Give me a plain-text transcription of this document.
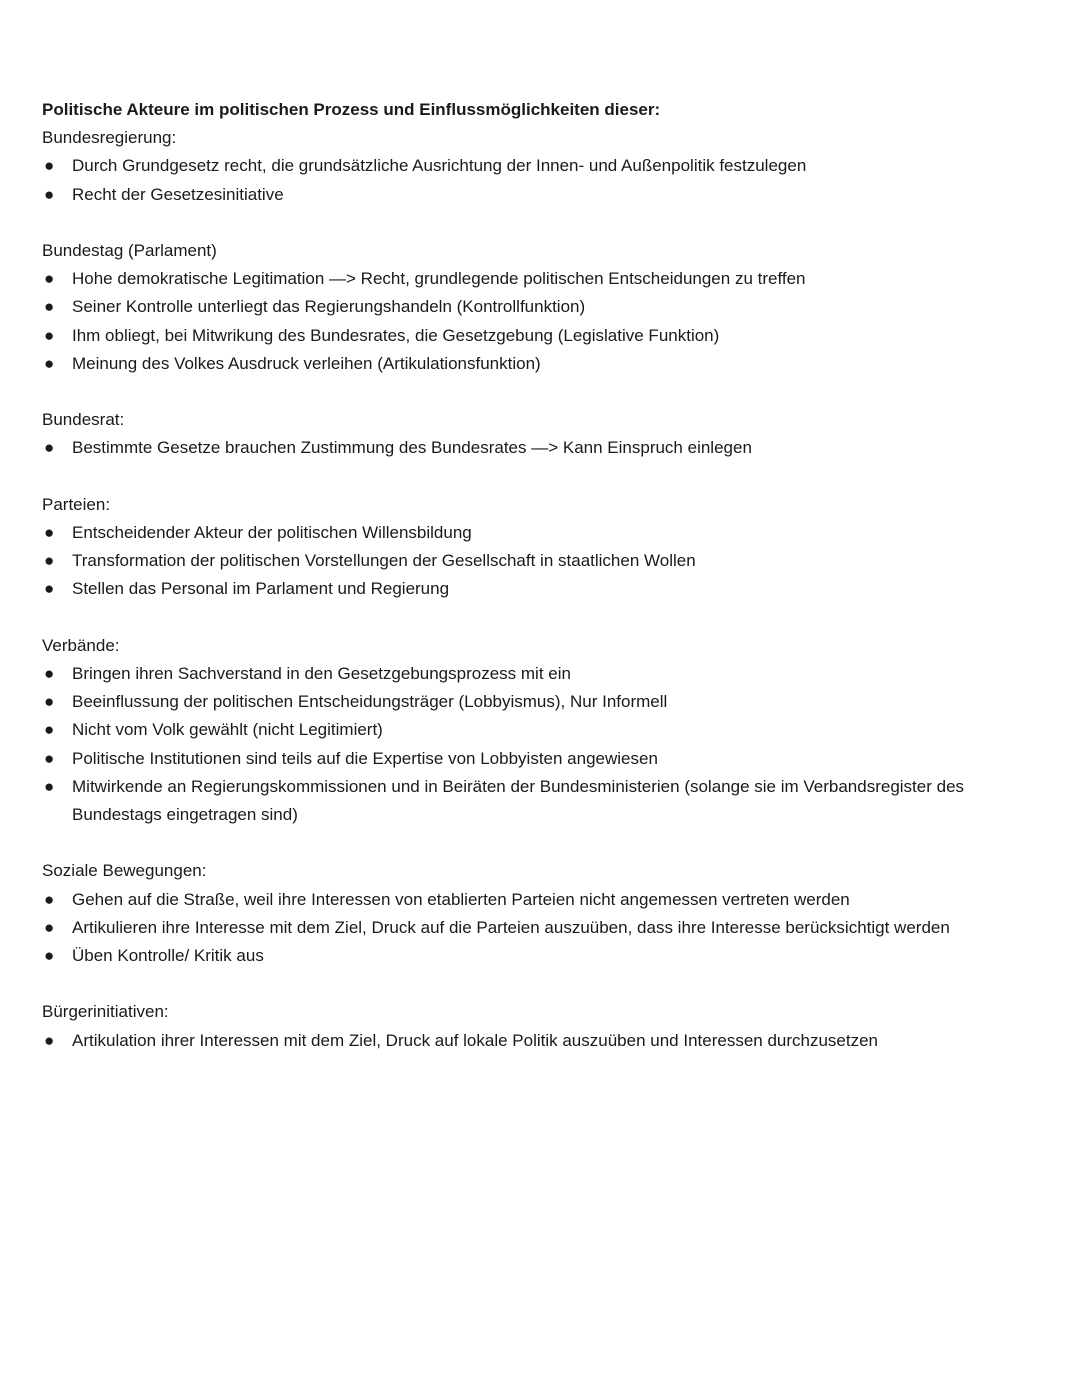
Politische Akteure im politischen Prozess und Einflussmöglichkeiten dieser:

Bundesregierung:

● Durch Grundgesetz recht, die grundsätzliche Ausrichtung der Innen- und Außenpolitik festzulegen
● Recht der Gesetzesinitiative

Bundestag (Parlament)

● Hohe demokratische Legitimation —> Recht, grundlegende politischen Entscheidungen zu treffen
● Seiner Kontrolle unterliegt das Regierungshandeln (Kontrollfunktion)
● Ihm obliegt, bei Mitwrikung des Bundesrates, die Gesetzgebung (Legislative Funktion)
● Meinung des Volkes Ausdruck verleihen (Artikulationsfunktion)

Bundesrat:

● Bestimmte Gesetze brauchen Zustimmung des Bundesrates —> Kann Einspruch einlegen

Parteien:

● Entscheidender Akteur der politischen Willensbildung
● Transformation der politischen Vorstellungen der Gesellschaft in staatlichen Wollen
● Stellen das Personal im Parlament und Regierung

Verbände:

● Bringen ihren Sachverstand in den Gesetzgebungsprozess mit ein
● Beeinflussung der politischen Entscheidungsträger (Lobbyismus), Nur Informell
● Nicht vom Volk gewählt (nicht Legitimiert)
● Politische Institutionen sind teils auf die Expertise von Lobbyisten angewiesen
● Mitwirkende an Regierungskommissionen und in Beiräten der Bundesministerien (solange sie im Verbandsregister des Bundestags eingetragen sind)

Soziale Bewegungen:

● Gehen auf die Straße, weil ihre Interessen von etablierten Parteien nicht angemessen vertreten werden
● Artikulieren ihre Interesse mit dem Ziel, Druck auf die Parteien auszuüben, dass ihre Interesse berücksichtigt werden
● Üben Kontrolle/ Kritik aus

Bürgerinitiativen:

● Artikulation ihrer Interessen mit dem Ziel, Druck auf lokale Politik auszuüben und Interessen durchzusetzen
